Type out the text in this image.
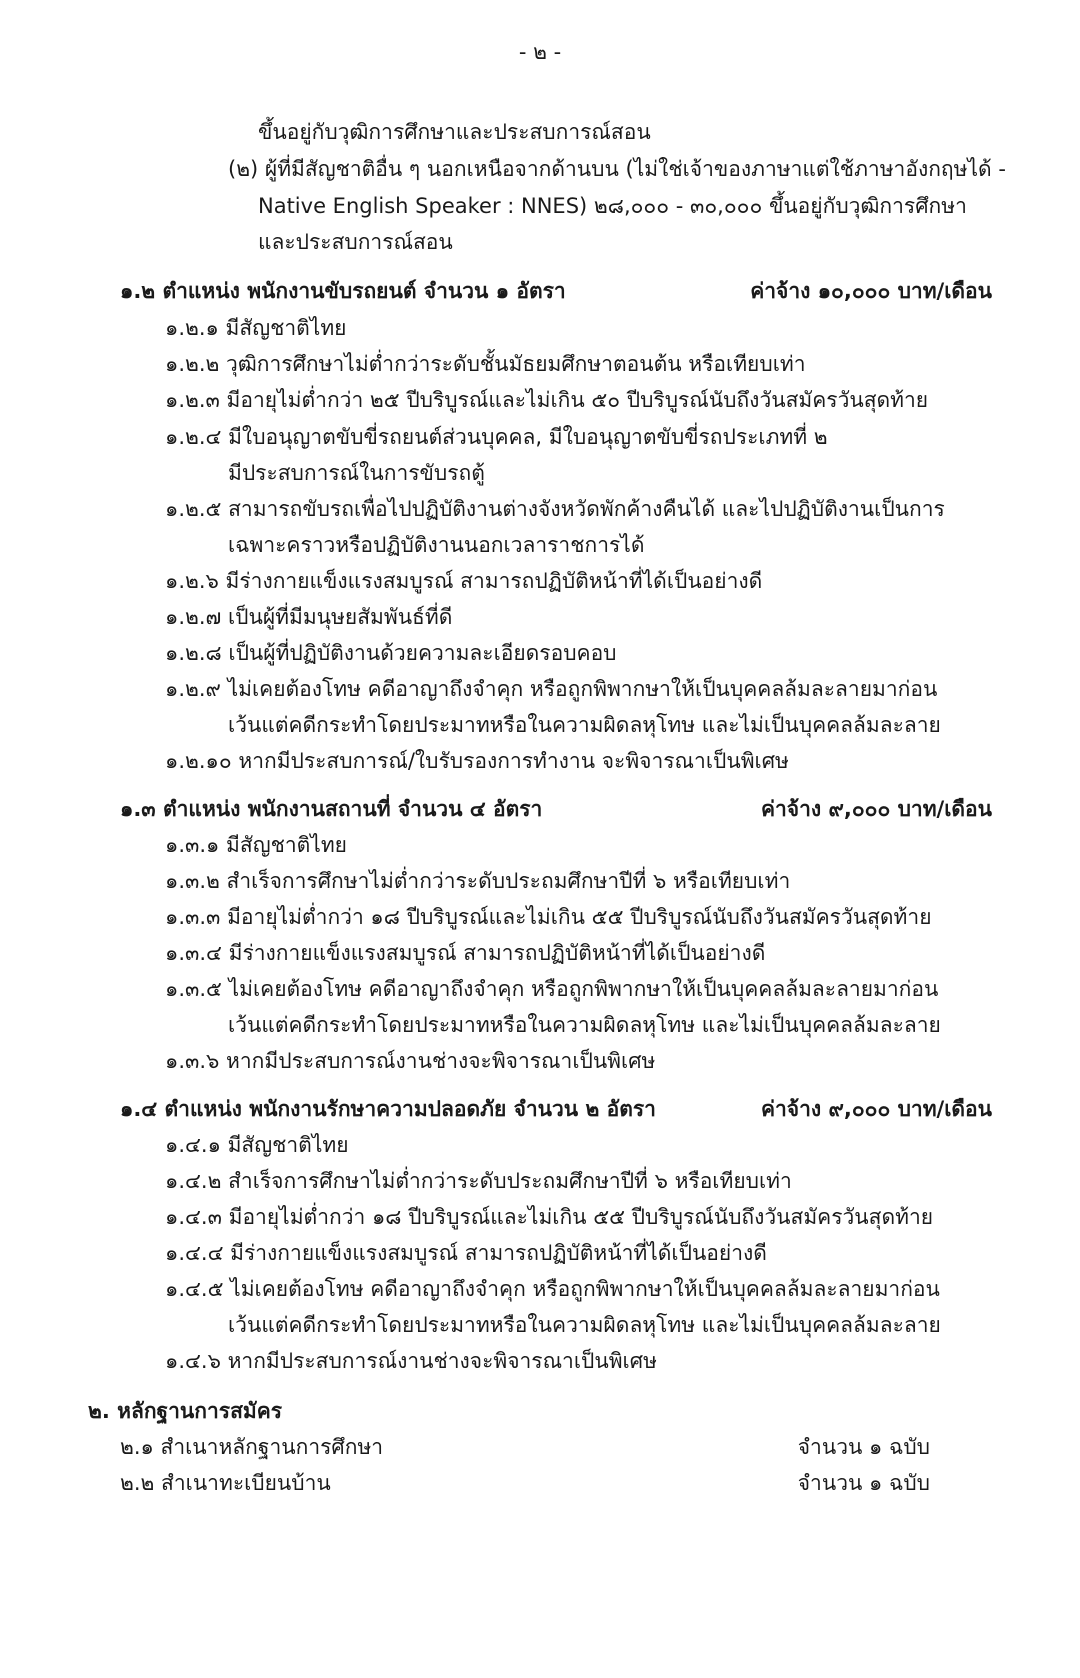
- ๒ -
ขึ้นอยู่กับวุฒิการศึกษาและประสบการณ์สอน
(๒) ผู้ที่มีสัญชาติอื่น ๆ นอกเหนือจากด้านบน (ไม่ใช่เจ้าของภาษาแต่ใช้ภาษาอังกฤษได้ -
Native English Speaker : NNES) ๒๘,๐๐๐ - ๓๐,๐๐๐ ขึ้นอยู่กับวุฒิการศึกษา
และประสบการณ์สอน
๑.๒ ตำแหน่ง พนักงานขับรถยนต์ จำนวน ๑ อัตรา	ค่าจ้าง ๑๐,๐๐๐ บาท/เดือน
๑.๒.๑ มีสัญชาติไทย
๑.๒.๒ วุฒิการศึกษาไม่ต่ำกว่าระดับชั้นมัธยมศึกษาตอนต้น หรือเทียบเท่า
๑.๒.๓ มีอายุไม่ต่ำกว่า ๒๕ ปีบริบูรณ์และไม่เกิน ๕๐ ปีบริบูรณ์นับถึงวันสมัครวันสุดท้าย
๑.๒.๔ มีใบอนุญาตขับขี่รถยนต์ส่วนบุคคล, มีใบอนุญาตขับขี่รถประเภทที่ ๒
มีประสบการณ์ในการขับรถตู้
๑.๒.๕ สามารถขับรถเพื่อไปปฏิบัติงานต่างจังหวัดพักค้างคืนได้ และไปปฏิบัติงานเป็นการ
เฉพาะคราวหรือปฏิบัติงานนอกเวลาราชการได้
๑.๒.๖ มีร่างกายแข็งแรงสมบูรณ์ สามารถปฏิบัติหน้าที่ได้เป็นอย่างดี
๑.๒.๗ เป็นผู้ที่มีมนุษยสัมพันธ์ที่ดี
๑.๒.๘ เป็นผู้ที่ปฏิบัติงานด้วยความละเอียดรอบคอบ
๑.๒.๙ ไม่เคยต้องโทษ คดีอาญาถึงจำคุก หรือถูกพิพากษาให้เป็นบุคคลล้มละลายมาก่อน
เว้นแต่คดีกระทำโดยประมาทหรือในความผิดลหุโทษ และไม่เป็นบุคคลล้มละลาย
๑.๒.๑๐ หากมีประสบการณ์/ใบรับรองการทำงาน จะพิจารณาเป็นพิเศษ
๑.๓ ตำแหน่ง พนักงานสถานที่ จำนวน ๔ อัตรา	ค่าจ้าง ๙,๐๐๐ บาท/เดือน
๑.๓.๑ มีสัญชาติไทย
๑.๓.๒ สำเร็จการศึกษาไม่ต่ำกว่าระดับประถมศึกษาปีที่ ๖ หรือเทียบเท่า
๑.๓.๓ มีอายุไม่ต่ำกว่า ๑๘ ปีบริบูรณ์และไม่เกิน ๕๕ ปีบริบูรณ์นับถึงวันสมัครวันสุดท้าย
๑.๓.๔ มีร่างกายแข็งแรงสมบูรณ์ สามารถปฏิบัติหน้าที่ได้เป็นอย่างดี
๑.๓.๕ ไม่เคยต้องโทษ คดีอาญาถึงจำคุก หรือถูกพิพากษาให้เป็นบุคคลล้มละลายมาก่อน
เว้นแต่คดีกระทำโดยประมาทหรือในความผิดลหุโทษ และไม่เป็นบุคคลล้มละลาย
๑.๓.๖ หากมีประสบการณ์งานช่างจะพิจารณาเป็นพิเศษ
๑.๔ ตำแหน่ง พนักงานรักษาความปลอดภัย จำนวน ๒ อัตรา	ค่าจ้าง ๙,๐๐๐ บาท/เดือน
๑.๔.๑ มีสัญชาติไทย
๑.๔.๒ สำเร็จการศึกษาไม่ต่ำกว่าระดับประถมศึกษาปีที่ ๖ หรือเทียบเท่า
๑.๔.๓ มีอายุไม่ต่ำกว่า ๑๘ ปีบริบูรณ์และไม่เกิน ๕๕ ปีบริบูรณ์นับถึงวันสมัครวันสุดท้าย
๑.๔.๔ มีร่างกายแข็งแรงสมบูรณ์ สามารถปฏิบัติหน้าที่ได้เป็นอย่างดี
๑.๔.๕ ไม่เคยต้องโทษ คดีอาญาถึงจำคุก หรือถูกพิพากษาให้เป็นบุคคลล้มละลายมาก่อน
เว้นแต่คดีกระทำโดยประมาทหรือในความผิดลหุโทษ และไม่เป็นบุคคลล้มละลาย
๑.๔.๖ หากมีประสบการณ์งานช่างจะพิจารณาเป็นพิเศษ
๒. หลักฐานการสมัคร
๒.๑ สำเนาหลักฐานการศึกษา	จำนวน ๑ ฉบับ
๒.๒ สำเนาทะเบียนบ้าน	จำนวน ๑ ฉบับ
